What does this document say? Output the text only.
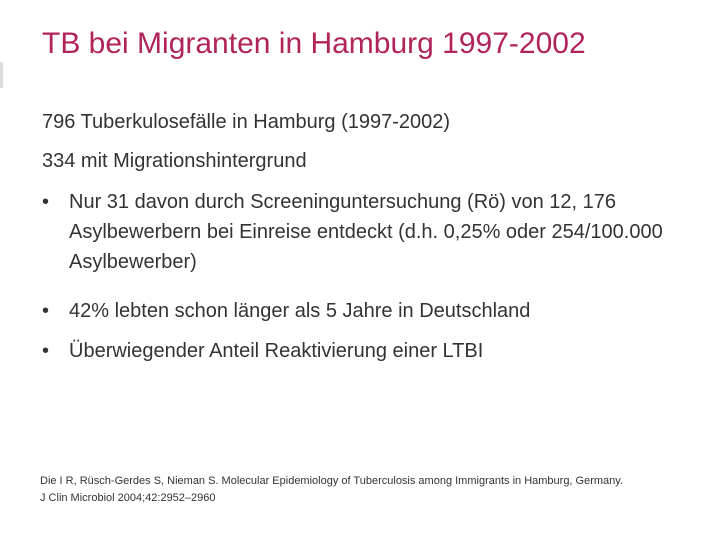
TB bei Migranten in Hamburg 1997-2002
796 Tuberkulosefälle in Hamburg (1997-2002)
334 mit Migrationshintergrund
• Nur 31 davon durch Screeninguntersuchung (Rö) von 12, 176 Asylbewerbern bei Einreise entdeckt (d.h. 0,25% oder 254/100.000 Asylbewerber)
• 42% lebten schon länger als 5 Jahre in Deutschland
• Überwiegender Anteil Reaktivierung einer LTBI
Die I R, Rüsch-Gerdes S, Nieman S. Molecular Epidemiology of Tuberculosis among Immigrants in Hamburg, Germany.
J Clin Microbiol 2004;42:2952–2960
